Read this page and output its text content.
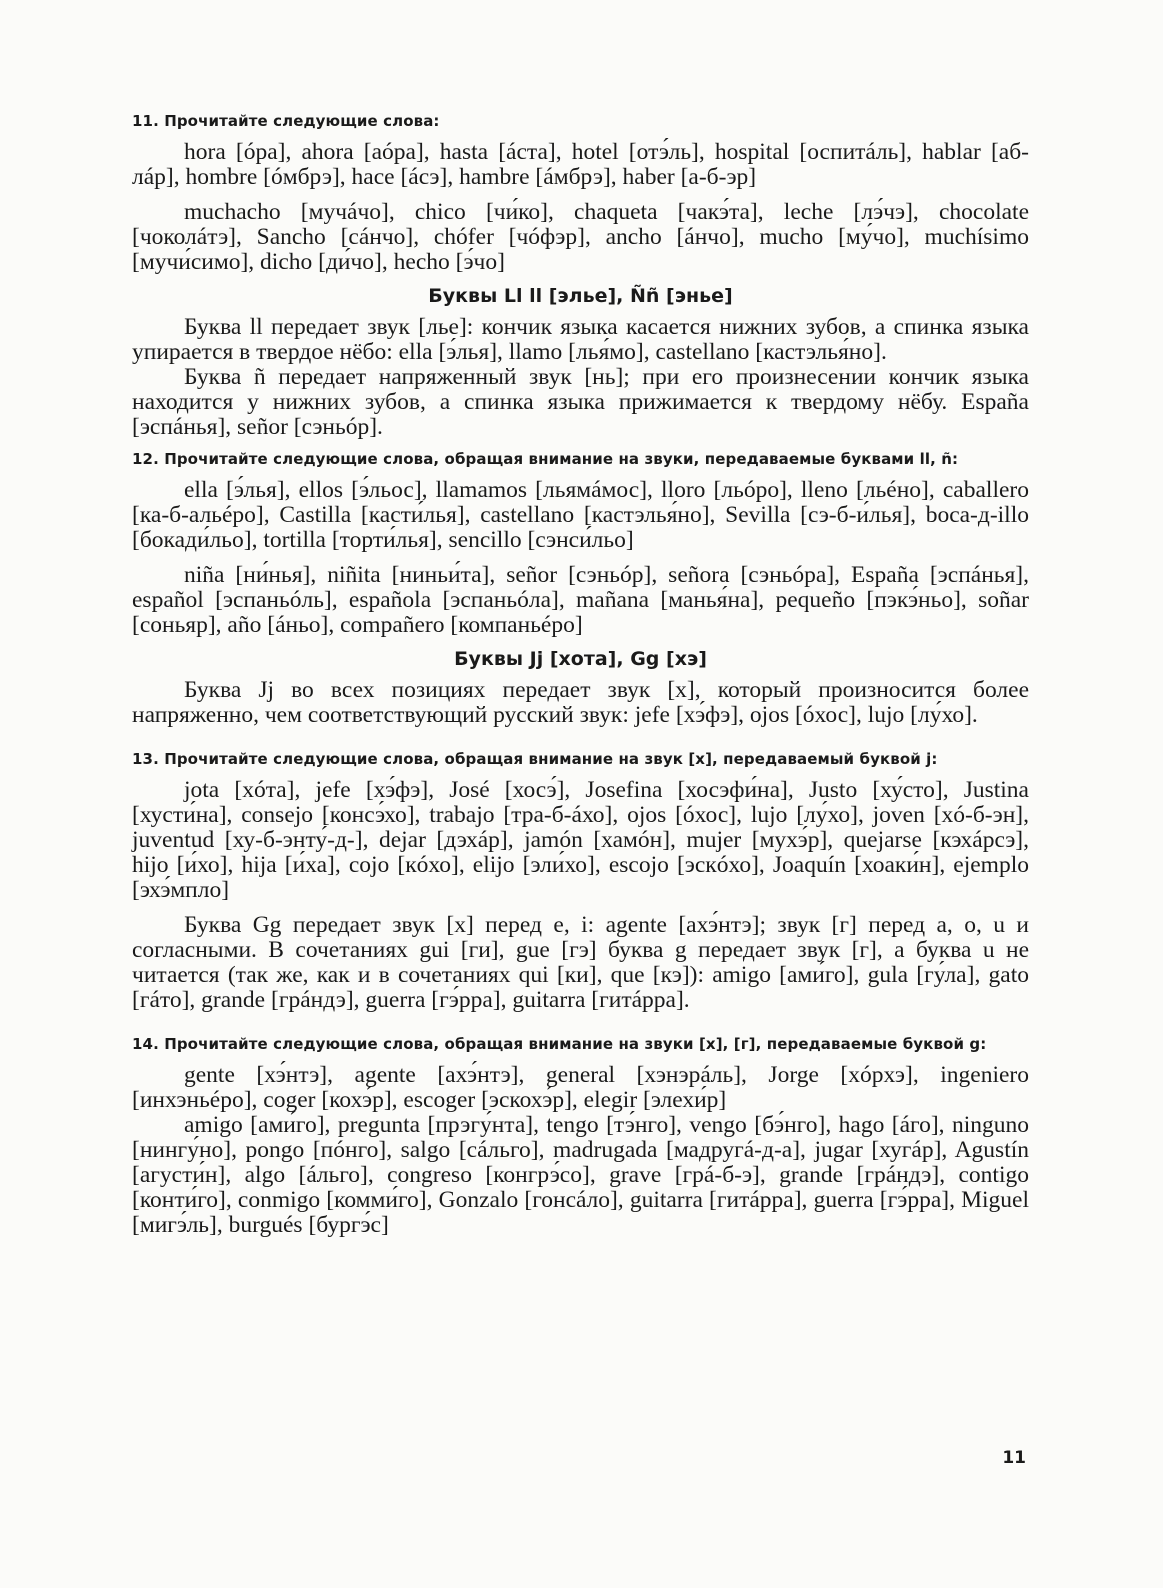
11. Прочитайте следующие слова:

hora [óра], ahora [аóра], hasta [áста], hotel [отэ́ль], hospital [оспитáль], hablar [аб-лáр], hombre [óмбрэ], hace [áсэ], hambre [áмбрэ], haber [а-б-эр]

muchacho [мучáчо], chico [чи́ко], chaqueta [чакэ́та], leche [лэ́чэ], chocolate [чоколáтэ], Sancho [сáнчо], chófer [чóфэр], ancho [áнчо], mucho [му́чо], muchísimo [мучи́симо], dicho [ди́чо], hecho [э́чо]

Буквы Ll ll [элье], Ññ [энье]

Буква ll передает звук [лье]: кончик языка касается нижних зубов, а спинка языка упирается в твердое нёбо: ella [э́лья], llamo [лья́мо], castellano [кастэлья́но].

Буква ñ передает напряженный звук [нь]; при его произнесении кончик языка находится у нижних зубов, а спинка языка прижимается к твердому нёбу. España [эспáнья], señor [сэньóр].

12. Прочитайте следующие слова, обращая внимание на звуки, передаваемые буквами ll, ñ:

ella [э́лья], ellos [э́льос], llamamos [льямáмос], lloro [льóро], lleno [льéно], caballero [ка-б-альéро], Castilla [касти́лья], castellano [кастэлья́но], Sevilla [сэ-б-и́лья], boca-д-illo [бокади́льо], tortilla [торти́лья], sencillo [сэнси́льо]

niña [ни́нья], niñita [ниньи́та], señor [сэньóр], señora [сэньóра], España [эспáнья], español [эспаньóль], española [эспаньóла], mañana [манья́на], pequeño [пэкэ́ньо], soñar [соньяр], año [áньо], compañero [компаньéро]

Буквы Jj [хота], Gg [хэ]

Буква Jj во всех позициях передает звук [х], который произносится более напряженно, чем соответствующий русский звук: jefe [хэ́фэ], ojos [óхос], lujo [лу́хо].

13. Прочитайте следующие слова, обращая внимание на звук [х], передаваемый буквой j:

jota [хóта], jefe [хэ́фэ], José [хосэ́], Josefina [хосэфи́на], Justo [ху́сто], Justina [хусти́на], consejo [консэ́хо], trabajo [тра-б-áхо], ojos [óхос], lujo [лу́хо], joven [хó-б-эн], juventud [ху-б-энту́-д-], dejar [дэхáр], jamón [хамóн], mujer [мухэ́р], quejarse [кэхáрсэ], hijo [и́хо], hija [и́ха], cojo [кóхо], elijo [эли́хо], escojo [эскóхо], Joaquín [хоаки́н], ejemplo [эхэ́мпло]

Буква Gg передает звук [х] перед e, i: agente [ахэ́нтэ]; звук [г] перед a, o, u и согласными. В сочетаниях gui [ги], gue [гэ] буква g передает звук [г], а буква u не читается (так же, как и в сочетаниях qui [ки], que [кэ]): amigo [ами́го], gula [гу́ла], gato [гáто], grande [грáндэ], guerra [гэ́рра], guitarra [гитáрра].

14. Прочитайте следующие слова, обращая внимание на звуки [х], [г], передаваемые буквой g:

gente [хэ́нтэ], agente [ахэ́нтэ], general [хэнэрáль], Jorge [хóрхэ], ingeniero [инхэньéро], coger [кохэ́р], escoger [эскохэ́р], elegir [элехи́р]

amigo [ами́го], pregunta [прэгу́нта], tengo [тэ́нго], vengo [бэ́нго], hago [áго], ninguno [нингу́но], pongo [пóнго], salgo [сáльго], madrugada [мадругá-д-а], jugar [хугáр], Agustín [агусти́н], algo [áльго], congreso [конгрэ́со], grave [грá-б-э], grande [грáндэ], contigo [конти́го], conmigo [комми́го], Gonzalo [гонсáло], guitarra [гитáрра], guerra [гэ́рра], Miguel [мигэ́ль], burgués [бургэ́с]

11
